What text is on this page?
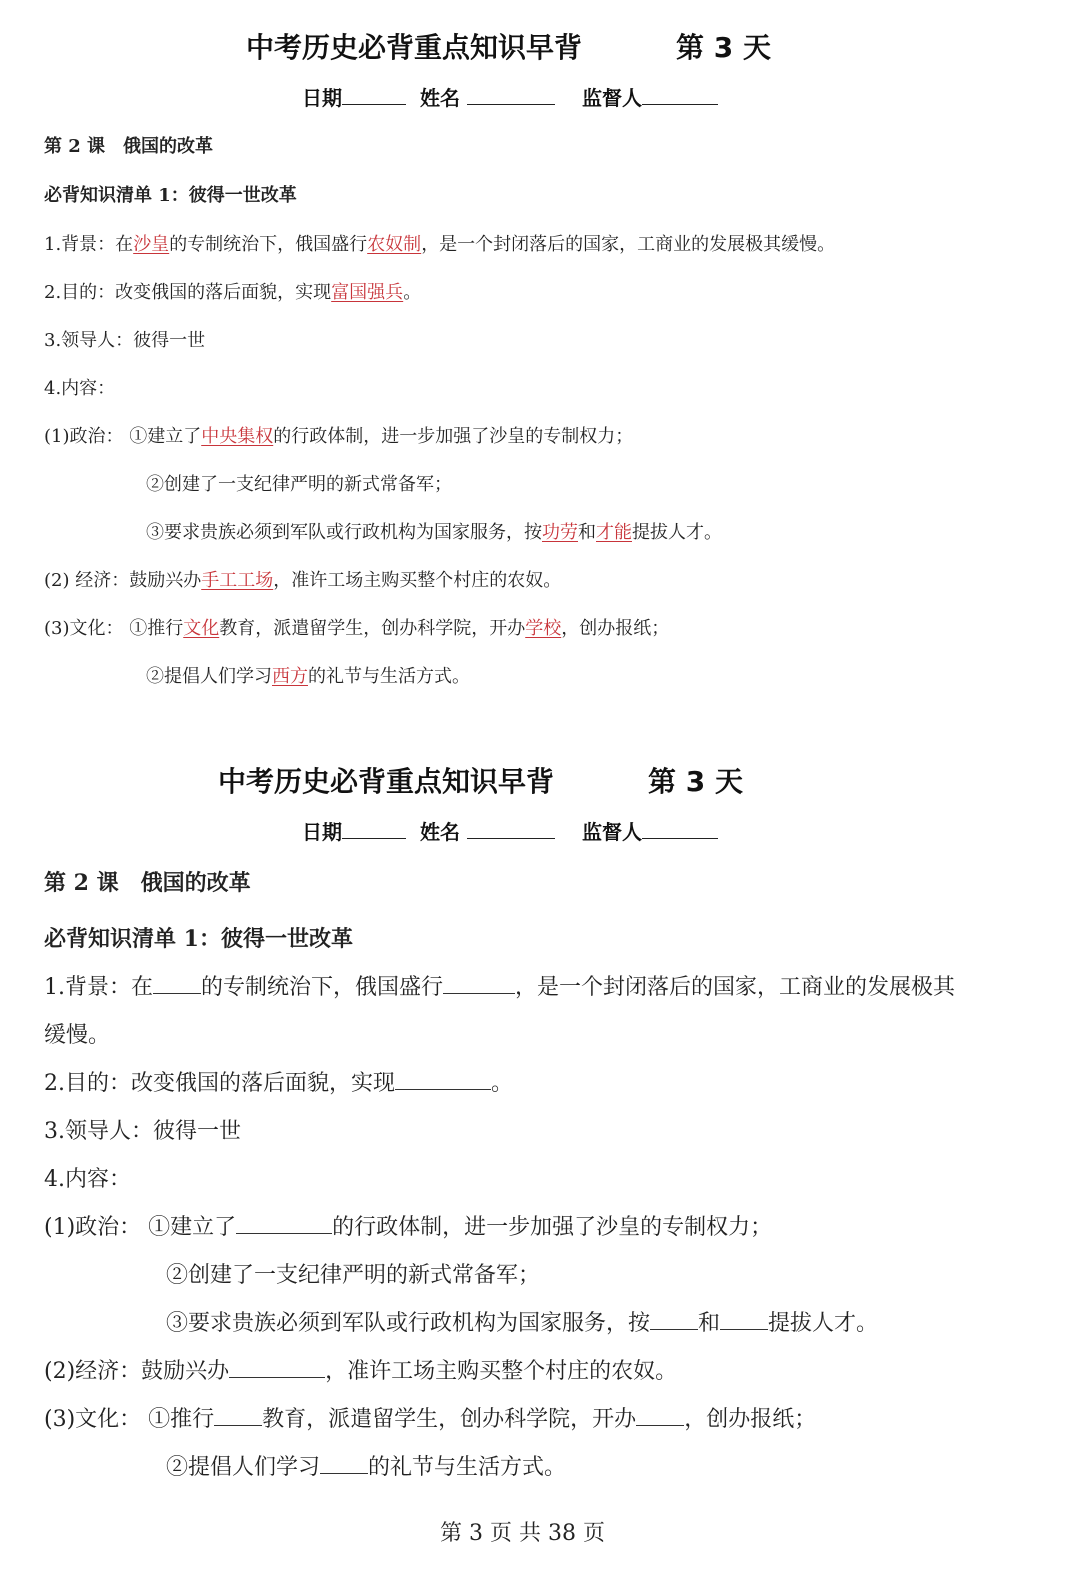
中考历史必背重点知识早背	第 3 天
日期	姓名	监督人
第 2 课　俄国的改革
必背知识清单 1：彼得一世改革
1.背景：在沙皇的专制统治下，俄国盛行农奴制，是一个封闭落后的国家，工商业的发展极其缓慢。
2.目的：改变俄国的落后面貌，实现富国强兵。
3.领导人：彼得一世
4.内容：
(1)政治： ①建立了中央集权的行政体制，进一步加强了沙皇的专制权力；
②创建了一支纪律严明的新式常备军；
③要求贵族必须到军队或行政机构为国家服务，按功劳和才能提拔人才。
(2) 经济：鼓励兴办手工工场，准许工场主购买整个村庄的农奴。
(3)文化： ①推行文化教育，派遣留学生，创办科学院，开办学校，创办报纸；
②提倡人们学习西方的礼节与生活方式。
中考历史必背重点知识早背	第 3 天
日期	姓名	监督人
第 2 课　俄国的改革
必背知识清单 1：彼得一世改革
1.背景：在 的专制统治下，俄国盛行	，是一个封闭落后的国家，工商业的发展极其
缓慢。
2.目的：改变俄国的落后面貌，实现	。
3.领导人：彼得一世
4.内容：
(1)政治： ①建立了	的行政体制，进一步加强了沙皇的专制权力；
②创建了一支纪律严明的新式常备军；
③要求贵族必须到军队或行政机构为国家服务，按 和 提拔人才。
(2)经济：鼓励兴办	，准许工场主购买整个村庄的农奴。
(3)文化： ①推行 教育，派遣留学生，创办科学院，开办 ，创办报纸；
②提倡人们学习 的礼节与生活方式。
第 3 页 共 38 页
